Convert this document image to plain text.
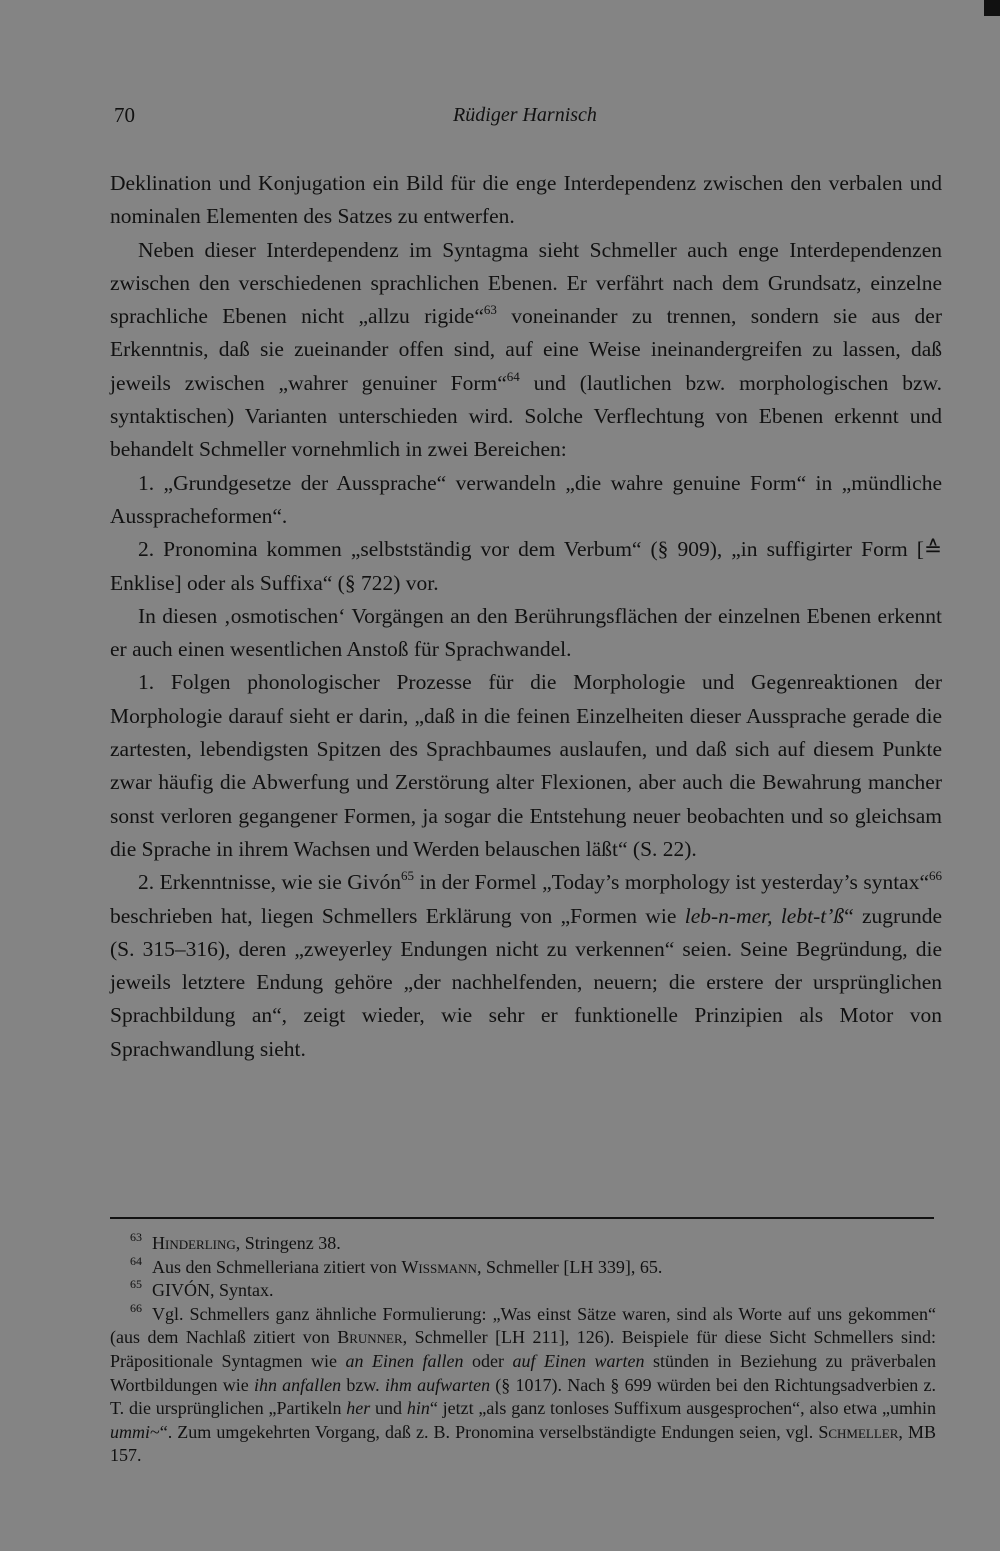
70	Rüdiger Harnisch

Deklination und Konjugation ein Bild für die enge Interdependenz zwischen den verbalen und nominalen Elementen des Satzes zu entwerfen.

Neben dieser Interdependenz im Syntagma sieht Schmeller auch enge Interdependenzen zwischen den verschiedenen sprachlichen Ebenen. Er verfährt nach dem Grundsatz, einzelne sprachliche Ebenen nicht „allzu rigide“$^{63}$ voneinander zu trennen, sondern sie aus der Erkenntnis, daß sie zueinander offen sind, auf eine Weise ineinandergreifen zu lassen, daß jeweils zwischen „wahrer genuiner Form“$^{64}$ und (lautlichen bzw. morphologischen bzw. syntaktischen) Varianten unterschieden wird. Solche Verflechtung von Ebenen erkennt und behandelt Schmeller vornehmlich in zwei Bereichen:

1. „Grundgesetze der Aussprache“ verwandeln „die wahre genuine Form“ in „mündliche Ausspracheformen“.

2. Pronomina kommen „selbstständig vor dem Verbum“ (§ 909), „in suffigirter Form [≙ Enklise] oder als Suffixa“ (§ 722) vor.

In diesen ‚osmotischen‘ Vorgängen an den Berührungsflächen der einzelnen Ebenen erkennt er auch einen wesentlichen Anstoß für Sprachwandel.

1. Folgen phonologischer Prozesse für die Morphologie und Gegenreaktionen der Morphologie darauf sieht er darin, „daß in die feinen Einzelheiten dieser Aussprache gerade die zartesten, lebendigsten Spitzen des Sprachbaumes auslaufen, und daß sich auf diesem Punkte zwar häufig die Abwerfung und Zerstörung alter Flexionen, aber auch die Bewahrung mancher sonst verloren gegangener Formen, ja sogar die Entstehung neuer beobachten und so gleichsam die Sprache in ihrem Wachsen und Werden belauschen läßt“ (S. 22).

2. Erkenntnisse, wie sie Givón$^{65}$ in der Formel „Today’s morphology ist yesterday’s syntax“$^{66}$ beschrieben hat, liegen Schmellers Erklärung von „Formen wie leb-n-mer, lebt-t’ß“ zugrunde (S. 315–316), deren „zweyerley Endungen nicht zu verkennen“ seien. Seine Begründung, die jeweils letztere Endung gehöre „der nachhelfenden, neuern; die erstere der ursprünglichen Sprachbildung an“, zeigt wieder, wie sehr er funktionelle Prinzipien als Motor von Sprachwandlung sieht.

$^{63}$ Hinderling, Stringenz 38.

$^{64}$ Aus den Schmelleriana zitiert von Wissmann, Schmeller [LH 339], 65.

$^{65}$ GIVÓN, Syntax.

$^{66}$ Vgl. Schmellers ganz ähnliche Formulierung: „Was einst Sätze waren, sind als Worte auf uns gekommen“ (aus dem Nachlaß zitiert von Brunner, Schmeller [LH 211], 126). Beispiele für diese Sicht Schmellers sind: Präpositionale Syntagmen wie an Einen fallen oder auf Einen warten stünden in Beziehung zu präverbalen Wortbildungen wie ihn anfallen bzw. ihm aufwarten (§ 1017). Nach § 699 würden bei den Richtungsadverbien z. T. die ursprünglichen „Partikeln her und hin“ jetzt „als ganz tonloses Suffixum ausgesprochen“, also etwa „umhin ummi~“. Zum umgekehrten Vorgang, daß z. B. Pronomina verselbständigte Endungen seien, vgl. Schmeller, MB 157.
